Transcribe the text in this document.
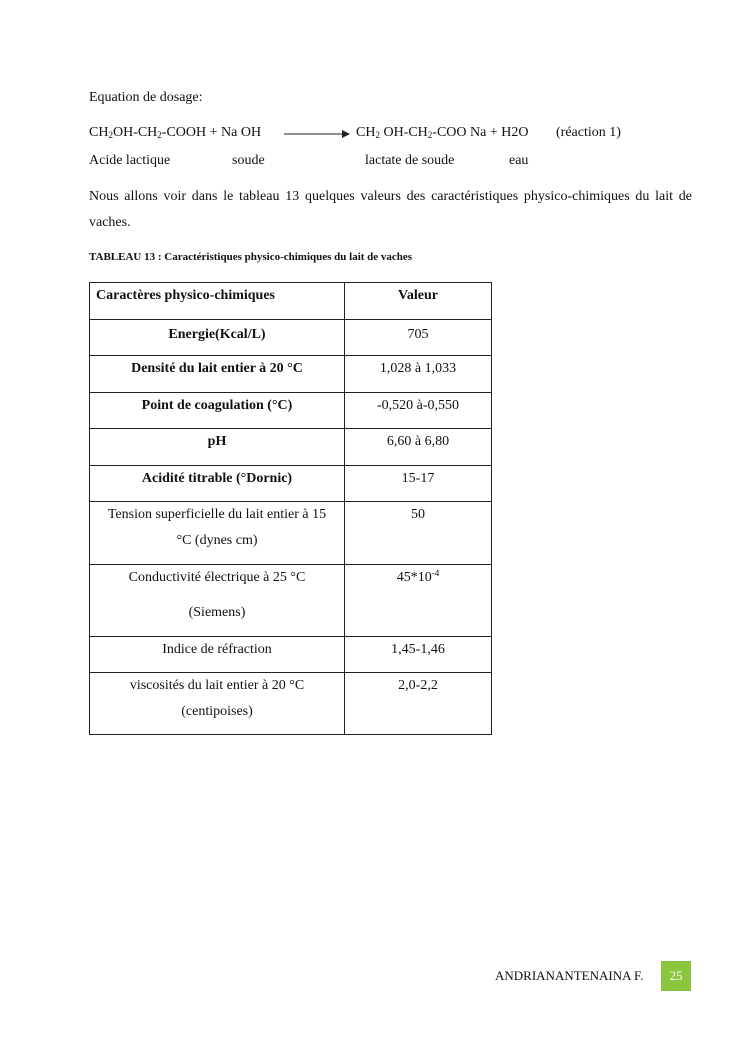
Equation de dosage:
$CH_2OH-CH_2$-COOH + Na OH	$CH_2$ $OH-CH_2$-COO Na + H2O (réaction 1)
Acide lactique	soude	lactate de soude	eau
Nous allons voir dans le tableau 13 quelques valeurs des caractéristiques physico-chimiques du lait de vaches.
TABLEAU 13 : Caractéristiques physico-chimiques du lait de vaches
Caractères physico-chimiques	Valeur
Energie(Kcal/L)	705
Densité du lait entier à 20 °C	1,028 à 1,033
Point de coagulation (°C)	-0,520 à-0,550
pH	6,60 à 6,80
Acidité titrable (°Dornic)	15-17

Tension superficielle du lait entier à 15
°C (dynes cm)	50

Conductivité électrique à 25 °C
(Siemens)	$45*10^{-4}$
Indice de réfraction	1,45-1,46

viscosités du lait entier à 20 °C
(centipoises)	2,0-2,2
ANDRIANANTENAINA F.	25
